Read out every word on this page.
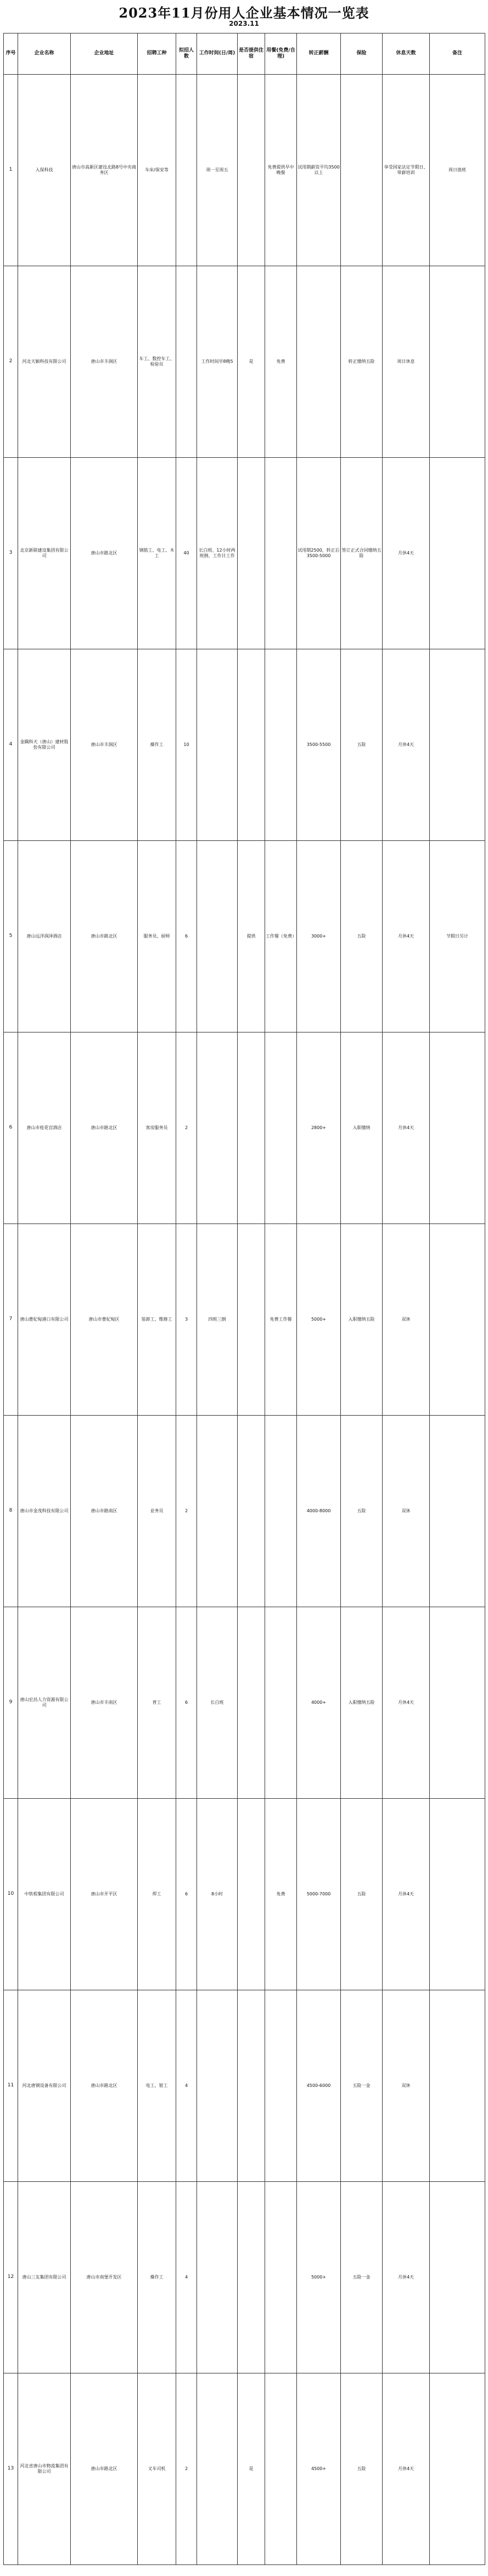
2023年11月份用人企业基本情况一览表
2023.11
序号	企业名称	企业地址	招聘工种	拟招人数	工作时间(日/周)	是否提供住宿	用餐(免费/自理)	转正薪酬	保险	休息天数	备注
1	入保科技	唐山市高新区建设北路8号中央商务区	车床/保安等		周一至周五		免费提供早中晚餐	试用期薪资平均3500以上		享受国家法定节假日、带薪培训	周日值班
2	河北天颖科技有限公司	唐山市丰润区	车工、数控车工、检验员		工作时间早8晚5	是	免费		转正缴纳五险	周日休息	
3	北京新联建设集团有限公司	唐山市路北区	钢筋工、电工、木工	40	长白班、12小时两班倒、工作日工作			试用期2500，转正后3500-5000	签订正式合同缴纳五险	月休4天	
4	金隅科天（唐山）建材股份有限公司	唐山市丰润区	操作工	10				3500-5500	五险	月休4天	
5	唐山远洋润泽酒店	唐山市路北区	服务员、厨师	6		提供	工作餐（免费）	3000+	五险	月休4天	节假日另计
6	唐山市桂花宫酒店	唐山市路北区	客房服务员	2				2800+	入职缴纳	月休4天	
7	唐山曹妃甸港口有限公司	唐山市曹妃甸区	装卸工、维修工	3	四班三倒		免费工作餐	5000+	入职缴纳五险	双休	
8	唐山市金茂科技有限公司	唐山市路南区	业务员	2				4000-8000	五险	双休	
9	唐山宏昌人力资源有限公司	唐山市丰南区	普工	6	长白班			4000+	入职缴纳五险	月休4天	
10	中铁程集团有限公司	唐山市开平区	焊工	6	8小时		免费	5000-7000	五险	月休4天	
11	河北唐钢设备有限公司	唐山市路北区	电工、钳工	4				4500-6000	五险一金	双休	
12	唐山三友集团有限公司	唐山市南堡开发区	操作工	4				5000+	五险一金	月休4天	
13	河北省唐山市物流集团有限公司	唐山市路北区	叉车司机	2		是		4500+	五险	月休4天	
